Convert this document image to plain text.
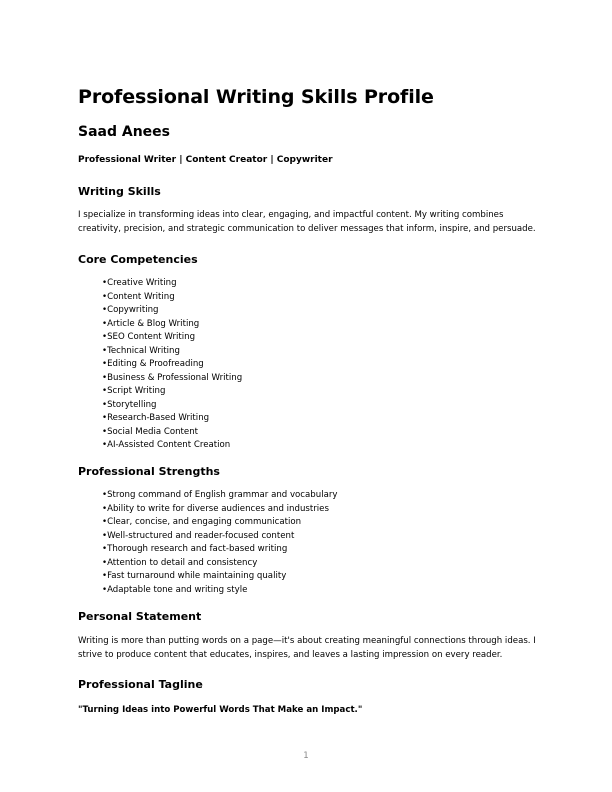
Professional Writing Skills Profile
Saad Anees

Professional Writer | Content Creator | Copywriter

Writing Skills

I specialize in transforming ideas into clear, engaging, and impactful content. My writing combines creativity, precision, and strategic communication to deliver messages that inform, inspire, and persuade.

Core Competencies
• Creative Writing
• Content Writing
• Copywriting
• Article & Blog Writing
• SEO Content Writing
• Technical Writing
• Editing & Proofreading
• Business & Professional Writing
• Script Writing
• Storytelling
• Research-Based Writing
• Social Media Content
• AI-Assisted Content Creation
Professional Strengths
• Strong command of English grammar and vocabulary
• Ability to write for diverse audiences and industries
• Clear, concise, and engaging communication
• Well-structured and reader-focused content
• Thorough research and fact-based writing
• Attention to detail and consistency
• Fast turnaround while maintaining quality
• Adaptable tone and writing style
Personal Statement

Writing is more than putting words on a page—it's about creating meaningful connections through ideas. I strive to produce content that educates, inspires, and leaves a lasting impression on every reader.

Professional Tagline

"Turning Ideas into Powerful Words That Make an Impact."

1
